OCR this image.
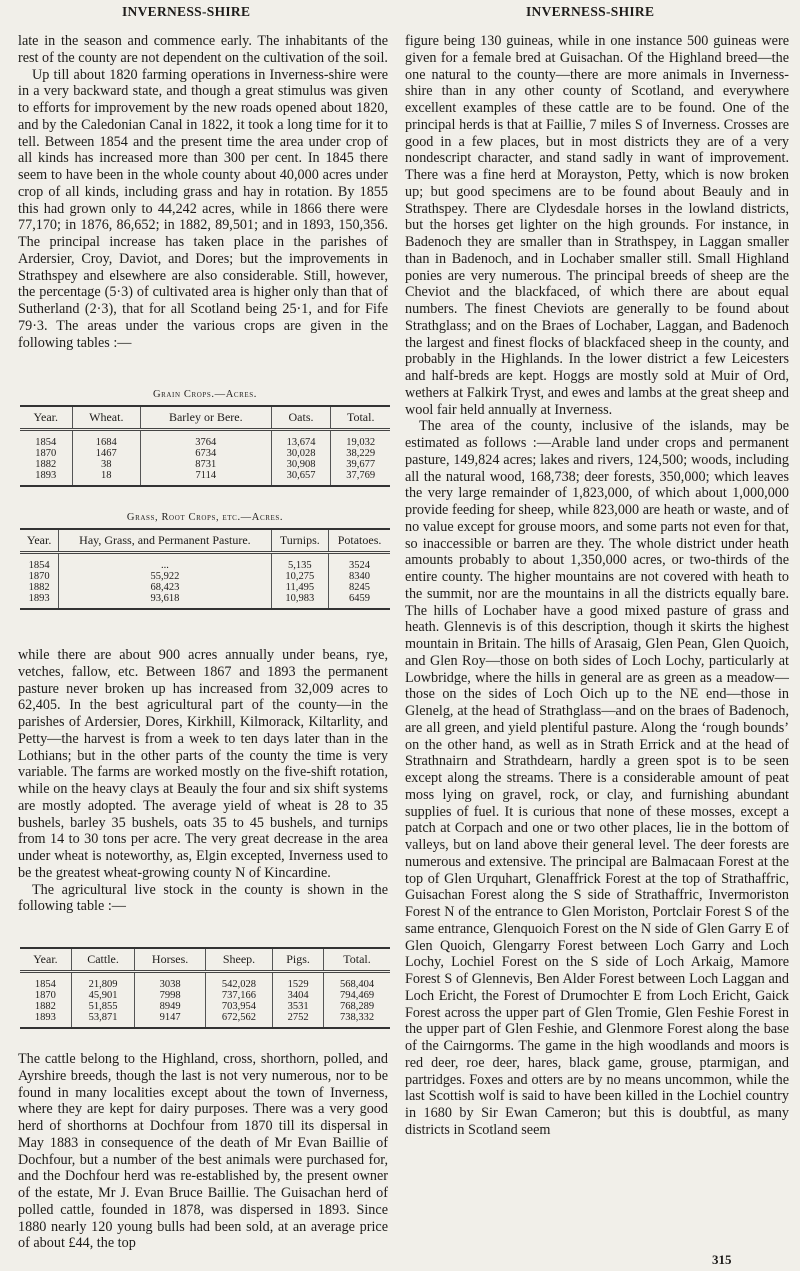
INVERNESS-SHIRE	INVERNESS-SHIRE

late in the season and commence early. The inhabitants of the rest of the county are not dependent on the cultivation of the soil.

Up till about 1820 farming operations in Inverness-shire were in a very backward state, and though a great stimulus was given to efforts for improvement by the new roads opened about 1820, and by the Caledonian Canal in 1822, it took a long time for it to tell. Between 1854 and the present time the area under crop of all kinds has increased more than 300 per cent. In 1845 there seem to have been in the whole county about 40,000 acres under crop of all kinds, including grass and hay in rotation. By 1855 this had grown only to 44,242 acres, while in 1866 there were 77,170; in 1876, 86,652; in 1882, 89,501; and in 1893, 150,356. The principal increase has taken place in the parishes of Ardersier, Croy, Daviot, and Dores; but the improvements in Strathspey and elsewhere are also considerable. Still, however, the percentage (5·3) of cultivated area is higher only than that of Sutherland (2·3), that for all Scotland being 25·1, and for Fife 79·3. The areas under the various crops are given in the following tables :—

Grain Crops.—Acres.
Year.	Wheat.	Barley or Bere.	Oats.	Total.
1854	1684	3764	13,674	19,032
1870	1467	6734	30,028	38,229
1882	38	8731	30,908	39,677
1893	18	7114	30,657	37,769
Grass, Root Crops, etc.—Acres.
Year.	Hay, Grass, and Permanent Pasture.	Turnips.	Potatoes.
1854	...	5,135	3524
1870	55,922	10,275	8340
1882	68,423	11,495	8245
1893	93,618	10,983	6459

while there are about 900 acres annually under beans, rye, vetches, fallow, etc. Between 1867 and 1893 the permanent pasture never broken up has increased from 32,009 acres to 62,405. In the best agricultural part of the county—in the parishes of Ardersier, Dores, Kirkhill, Kilmorack, Kiltarlity, and Petty—the harvest is from a week to ten days later than in the Lothians; but in the other parts of the county the time is very variable. The farms are worked mostly on the five-shift rotation, while on the heavy clays at Beauly the four and six shift systems are mostly adopted. The average yield of wheat is 28 to 35 bushels, barley 35 bushels, oats 35 to 45 bushels, and turnips from 14 to 30 tons per acre. The very great decrease in the area under wheat is noteworthy, as, Elgin excepted, Inverness used to be the greatest wheat-growing county N of Kincardine.

The agricultural live stock in the county is shown in the following table :—

Year.	Cattle.	Horses.	Sheep.	Pigs.	Total.
1854	21,809	3038	542,028	1529	568,404
1870	45,901	7998	737,166	3404	794,469
1882	51,855	8949	703,954	3531	768,289
1893	53,871	9147	672,562	2752	738,332

The cattle belong to the Highland, cross, shorthorn, polled, and Ayrshire breeds, though the last is not very numerous, nor to be found in many localities except about the town of Inverness, where they are kept for dairy purposes. There was a very good herd of shorthorns at Dochfour from 1870 till its dispersal in May 1883 in consequence of the death of Mr Evan Baillie of Dochfour, but a number of the best animals were purchased for, and the Dochfour herd was re-established by, the present owner of the estate, Mr J. Evan Bruce Baillie. The Guisachan herd of polled cattle, founded in 1878, was dispersed in 1893. Since 1880 nearly 120 young bulls had been sold, at an average price of about £44, the top

figure being 130 guineas, while in one instance 500 guineas were given for a female bred at Guisachan. Of the Highland breed—the one natural to the county—there are more animals in Inverness-shire than in any other county of Scotland, and everywhere excellent examples of these cattle are to be found. One of the principal herds is that at Faillie, 7 miles S of Inverness. Crosses are good in a few places, but in most districts they are of a very nondescript character, and stand sadly in want of improvement. There was a fine herd at Morayston, Petty, which is now broken up; but good specimens are to be found about Beauly and in Strathspey. There are Clydesdale horses in the lowland districts, but the horses get lighter on the high grounds. For instance, in Badenoch they are smaller than in Strathspey, in Laggan smaller than in Badenoch, and in Lochaber smaller still. Small Highland ponies are very numerous. The principal breeds of sheep are the Cheviot and the blackfaced, of which there are about equal numbers. The finest Cheviots are generally to be found about Strathglass; and on the Braes of Lochaber, Laggan, and Badenoch the largest and finest flocks of blackfaced sheep in the county, and probably in the Highlands. In the lower district a few Leicesters and half-breds are kept. Hoggs are mostly sold at Muir of Ord, wethers at Falkirk Tryst, and ewes and lambs at the great sheep and wool fair held annually at Inverness.

The area of the county, inclusive of the islands, may be estimated as follows :—Arable land under crops and permanent pasture, 149,824 acres; lakes and rivers, 124,500; woods, including all the natural wood, 168,738; deer forests, 350,000; which leaves the very large remainder of 1,823,000, of which about 1,000,000 provide feeding for sheep, while 823,000 are heath or waste, and of no value except for grouse moors, and some parts not even for that, so inaccessible or barren are they. The whole district under heath amounts probably to about 1,350,000 acres, or two-thirds of the entire county. The higher mountains are not covered with heath to the summit, nor are the mountains in all the districts equally bare. The hills of Lochaber have a good mixed pasture of grass and heath. Glennevis is of this description, though it skirts the highest mountain in Britain. The hills of Arasaig, Glen Pean, Glen Quoich, and Glen Roy—those on both sides of Loch Lochy, particularly at Lowbridge, where the hills in general are as green as a meadow—those on the sides of Loch Oich up to the NE end—those in Glenelg, at the head of Strathglass—and on the braes of Badenoch, are all green, and yield plentiful pasture. Along the ‘rough bounds’ on the other hand, as well as in Strath Errick and at the head of Strathnairn and Strathdearn, hardly a green spot is to be seen except along the streams. There is a considerable amount of peat moss lying on gravel, rock, or clay, and furnishing abundant supplies of fuel. It is curious that none of these mosses, except a patch at Corpach and one or two other places, lie in the bottom of valleys, but on land above their general level. The deer forests are numerous and extensive. The principal are Balmacaan Forest at the top of Glen Urquhart, Glenaffrick Forest at the top of Strathaffric, Guisachan Forest along the S side of Strathaffric, Invermoriston Forest N of the entrance to Glen Moriston, Portclair Forest S of the same entrance, Glenquoich Forest on the N side of Glen Garry E of Glen Quoich, Glengarry Forest between Loch Garry and Loch Lochy, Lochiel Forest on the S side of Loch Arkaig, Mamore Forest S of Glennevis, Ben Alder Forest between Loch Laggan and Loch Ericht, the Forest of Drumochter E from Loch Ericht, Gaick Forest across the upper part of Glen Tromie, Glen Feshie Forest in the upper part of Glen Feshie, and Glenmore Forest along the base of the Cairngorms. The game in the high woodlands and moors is red deer, roe deer, hares, black game, grouse, ptarmigan, and partridges. Foxes and otters are by no means uncommon, while the last Scottish wolf is said to have been killed in the Lochiel country in 1680 by Sir Ewan Cameron; but this is doubtful, as many districts in Scotland seem

315
